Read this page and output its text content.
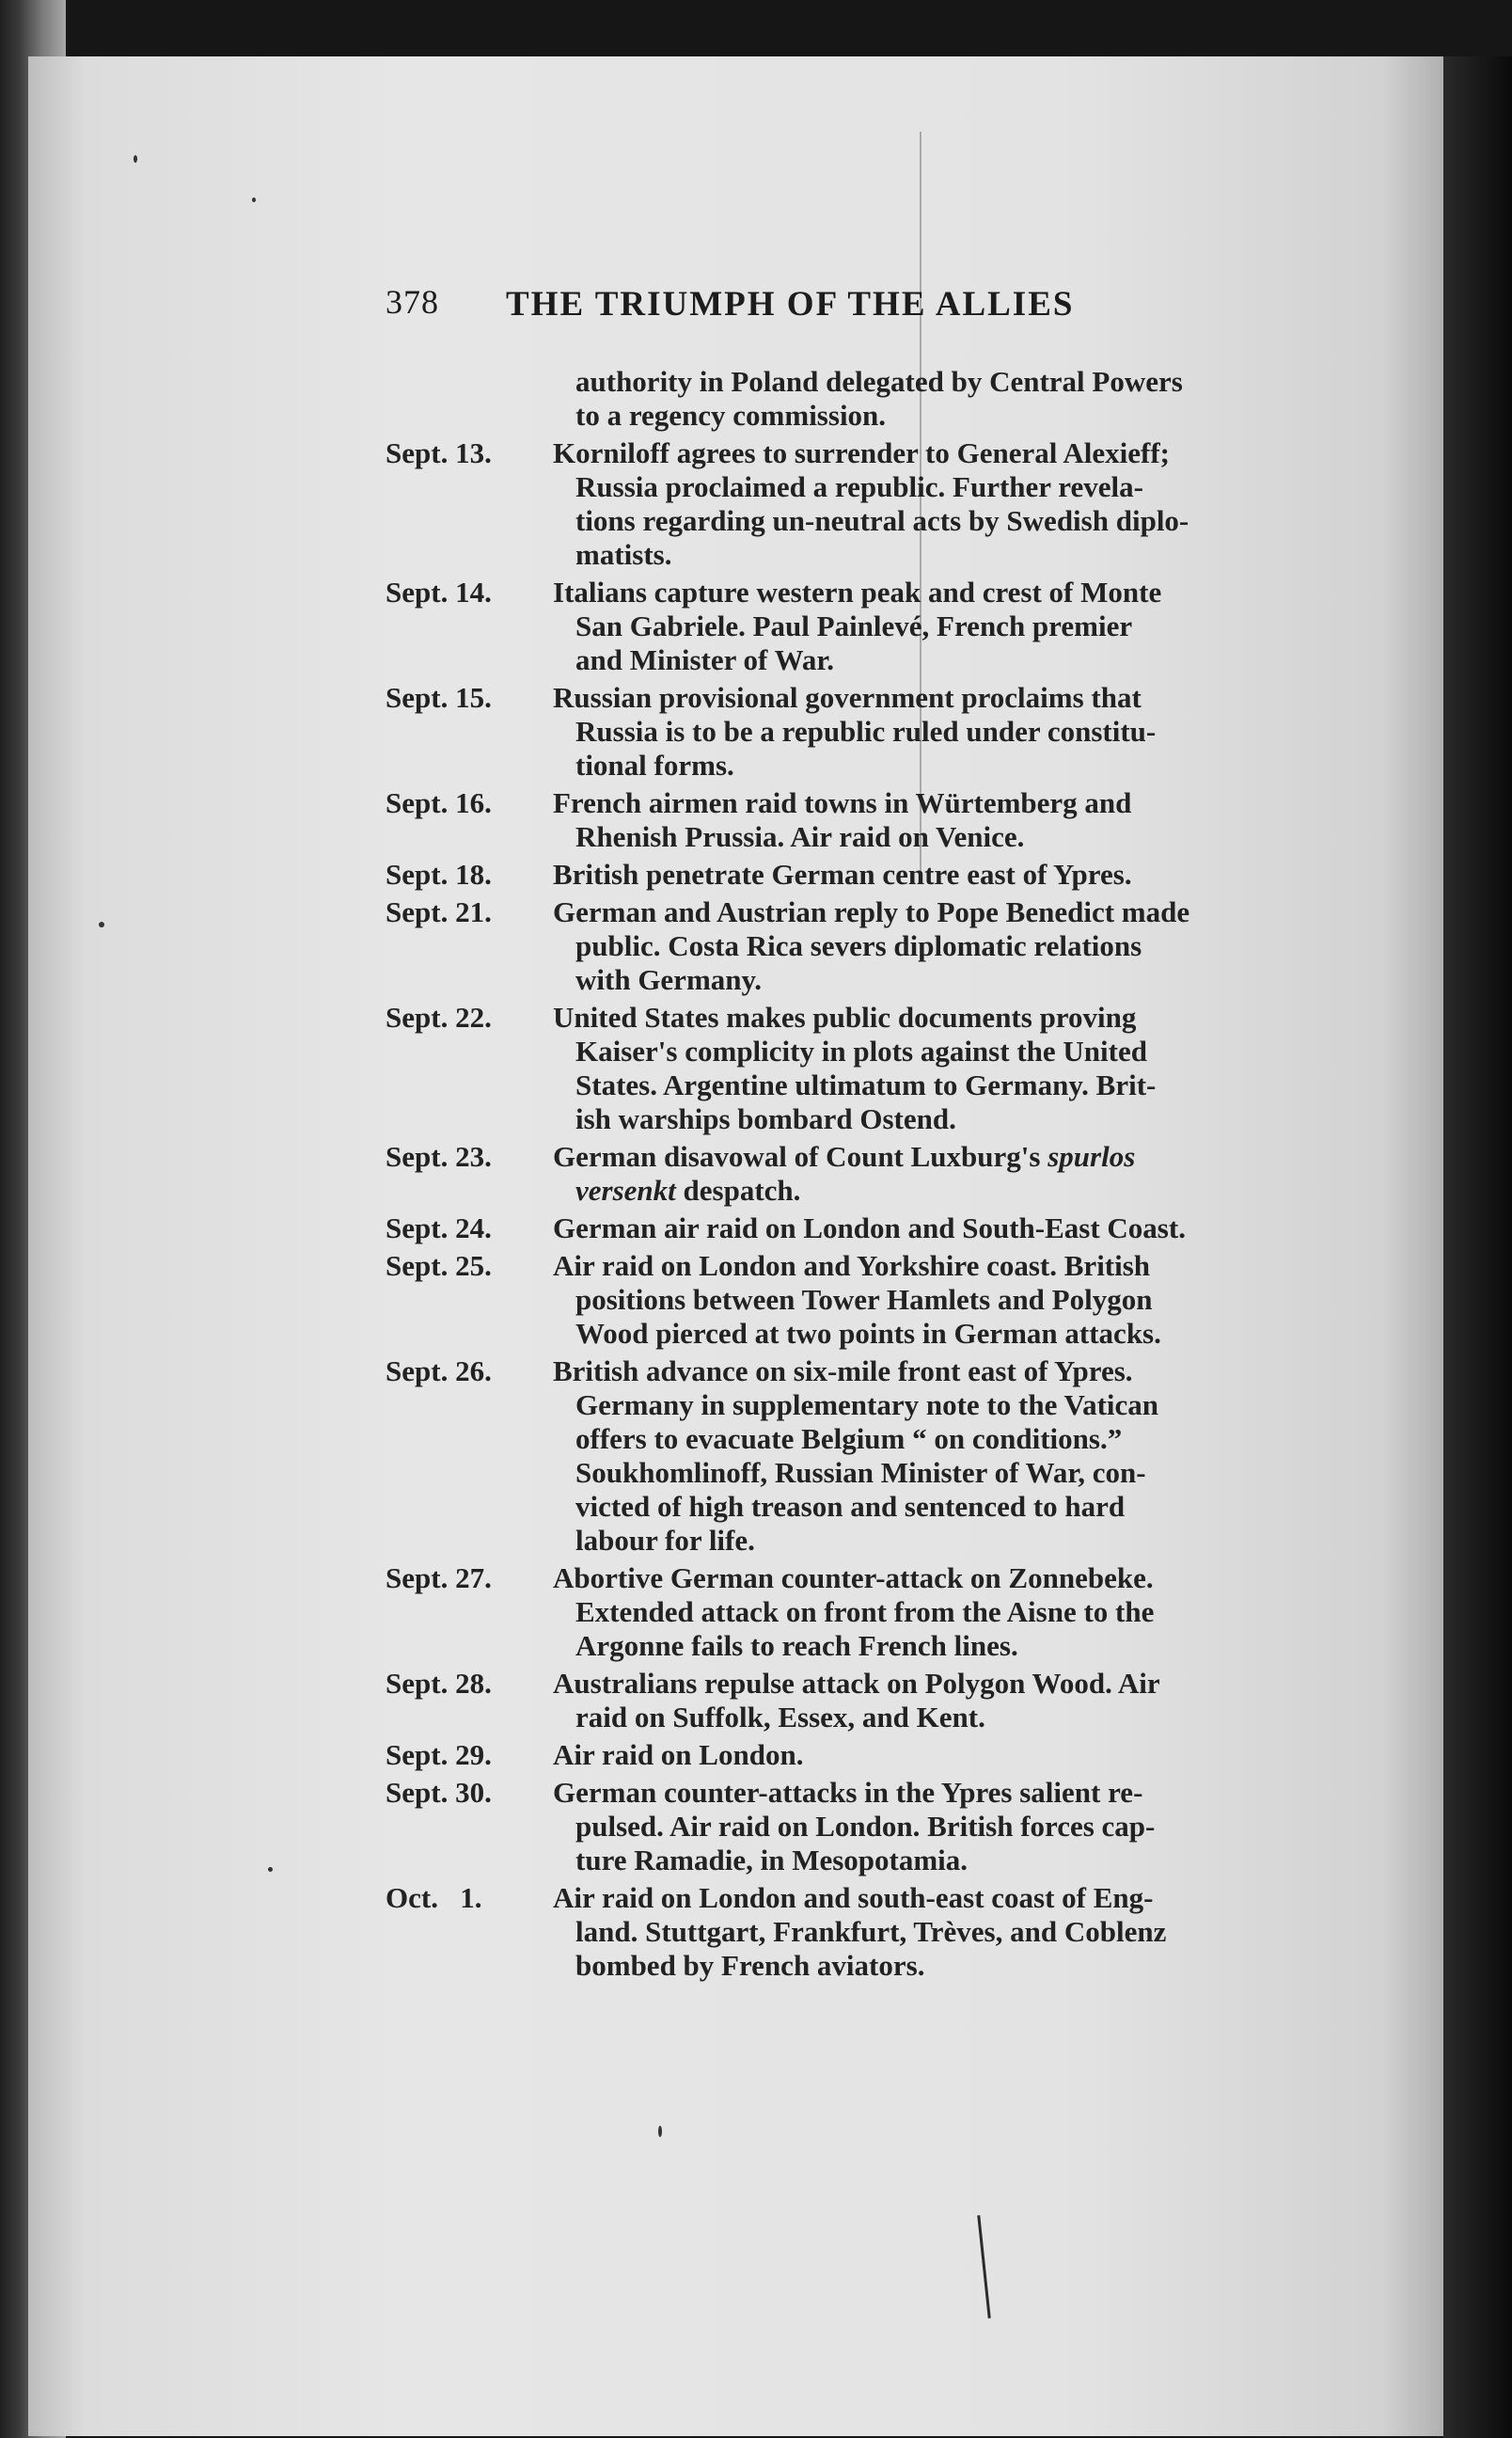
378 THE TRIUMPH OF THE ALLIES
authority in Poland delegated by Central Powers
to a regency commission.
Sept. 13.	Korniloff agrees to surrender to General Alexieff;
Russia proclaimed a republic. Further revela-
tions regarding un-neutral acts by Swedish diplo-
matists.
Sept. 14.	Italians capture western peak and crest of Monte
San Gabriele. Paul Painlevé, French premier
and Minister of War.
Sept. 15.	Russian provisional government proclaims that
Russia is to be a republic ruled under constitu-
tional forms.
Sept. 16.	French airmen raid towns in Würtemberg and
Rhenish Prussia. Air raid on Venice.
Sept. 18.	British penetrate German centre east of Ypres.
Sept. 21.	German and Austrian reply to Pope Benedict made
public. Costa Rica severs diplomatic relations
with Germany.
Sept. 22.	United States makes public documents proving
Kaiser's complicity in plots against the United
States. Argentine ultimatum to Germany. Brit-
ish warships bombard Ostend.
Sept. 23.	German disavowal of Count Luxburg's spurlos
versenkt despatch.
Sept. 24.	German air raid on London and South-East Coast.
Sept. 25.	Air raid on London and Yorkshire coast. British
positions between Tower Hamlets and Polygon
Wood pierced at two points in German attacks.
Sept. 26.	British advance on six-mile front east of Ypres.
Germany in supplementary note to the Vatican
offers to evacuate Belgium “ on conditions.”
Soukhomlinoff, Russian Minister of War, con-
victed of high treason and sentenced to hard
labour for life.
Sept. 27.	Abortive German counter-attack on Zonnebeke.
Extended attack on front from the Aisne to the
Argonne fails to reach French lines.
Sept. 28.	Australians repulse attack on Polygon Wood. Air
raid on Suffolk, Essex, and Kent.
Sept. 29.	Air raid on London.
Sept. 30.	German counter-attacks in the Ypres salient re-
pulsed. Air raid on London. British forces cap-
ture Ramadie, in Mesopotamia.
Oct.   1.	Air raid on London and south-east coast of Eng-
land. Stuttgart, Frankfurt, Trèves, and Coblenz
bombed by French aviators.
